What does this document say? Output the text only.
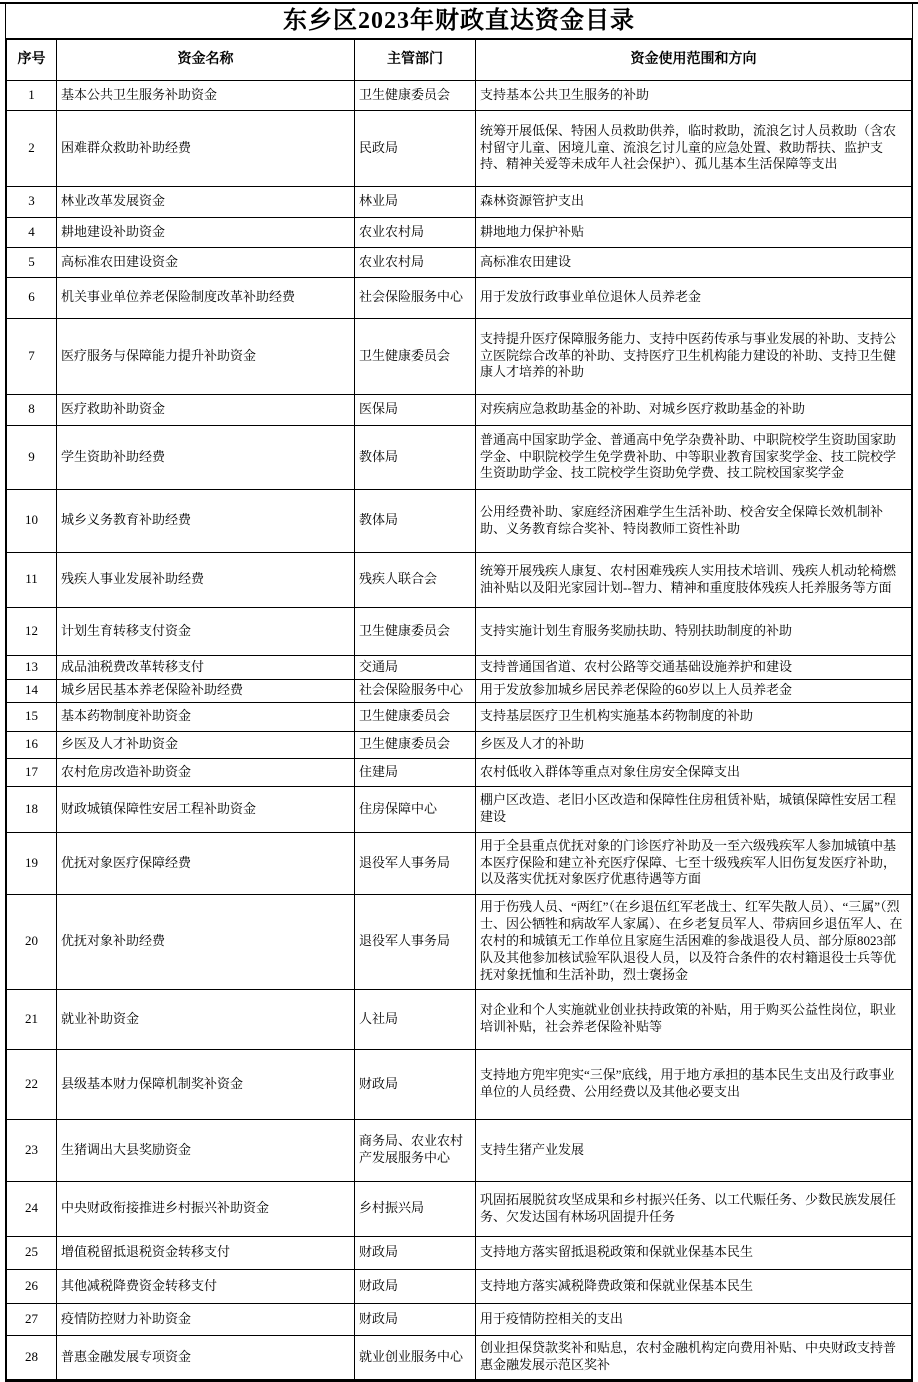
东乡区2023年财政直达资金目录
序号	资金名称	主管部门	资金使用范围和方向
1	基本公共卫生服务补助资金	卫生健康委员会	支持基本公共卫生服务的补助
2	困难群众救助补助经费	民政局	统筹开展低保、特困人员救助供养，临时救助，流浪乞讨人员救助（含农村留守儿童、困境儿童、流浪乞讨儿童的应急处置、救助帮扶、监护支持、精神关爱等未成年人社会保护）、孤儿基本生活保障等支出
3	林业改革发展资金	林业局	森林资源管护支出
4	耕地建设补助资金	农业农村局	耕地地力保护补贴
5	高标准农田建设资金	农业农村局	高标准农田建设
6	机关事业单位养老保险制度改革补助经费	社会保险服务中心	用于发放行政事业单位退休人员养老金
7	医疗服务与保障能力提升补助资金	卫生健康委员会	支持提升医疗保障服务能力、支持中医药传承与事业发展的补助、支持公立医院综合改革的补助、支持医疗卫生机构能力建设的补助、支持卫生健康人才培养的补助
8	医疗救助补助资金	医保局	对疾病应急救助基金的补助、对城乡医疗救助基金的补助
9	学生资助补助经费	教体局	普通高中国家助学金、普通高中免学杂费补助、中职院校学生资助国家助学金、中职院校学生免学费补助、中等职业教育国家奖学金、技工院校学生资助助学金、技工院校学生资助免学费、技工院校国家奖学金
10	城乡义务教育补助经费	教体局	公用经费补助、家庭经济困难学生生活补助、校舍安全保障长效机制补助、义务教育综合奖补、特岗教师工资性补助
11	残疾人事业发展补助经费	残疾人联合会	统筹开展残疾人康复、农村困难残疾人实用技术培训、残疾人机动轮椅燃油补贴以及阳光家园计划--智力、精神和重度肢体残疾人托养服务等方面
12	计划生育转移支付资金	卫生健康委员会	支持实施计划生育服务奖励扶助、特别扶助制度的补助
13	成品油税费改革转移支付	交通局	支持普通国省道、农村公路等交通基础设施养护和建设
14	城乡居民基本养老保险补助经费	社会保险服务中心	用于发放参加城乡居民养老保险的60岁以上人员养老金
15	基本药物制度补助资金	卫生健康委员会	支持基层医疗卫生机构实施基本药物制度的补助
16	乡医及人才补助资金	卫生健康委员会	乡医及人才的补助
17	农村危房改造补助资金	住建局	农村低收入群体等重点对象住房安全保障支出
18	财政城镇保障性安居工程补助资金	住房保障中心	棚户区改造、老旧小区改造和保障性住房租赁补贴，城镇保障性安居工程建设
19	优抚对象医疗保障经费	退役军人事务局	用于全县重点优抚对象的门诊医疗补助及一至六级残疾军人参加城镇中基本医疗保险和建立补充医疗保障、七至十级残疾军人旧伤复发医疗补助，以及落实优抚对象医疗优惠待遇等方面
20	优抚对象补助经费	退役军人事务局	用于伤残人员、“两红”（在乡退伍红军老战士、红军失散人员）、“三属”（烈士、因公牺牲和病故军人家属）、在乡老复员军人、带病回乡退伍军人、在农村的和城镇无工作单位且家庭生活困难的参战退役人员、部分原8023部队及其他参加核试验军队退役人员，以及符合条件的农村籍退役士兵等优抚对象抚恤和生活补助，烈士褒扬金
21	就业补助资金	人社局	对企业和个人实施就业创业扶持政策的补贴，用于购买公益性岗位，职业培训补贴，社会养老保险补贴等
22	县级基本财力保障机制奖补资金	财政局	支持地方兜牢兜实“三保”底线，用于地方承担的基本民生支出及行政事业单位的人员经费、公用经费以及其他必要支出
23	生猪调出大县奖励资金	商务局、农业农村产发展服务中心	支持生猪产业发展
24	中央财政衔接推进乡村振兴补助资金	乡村振兴局	巩固拓展脱贫攻坚成果和乡村振兴任务、以工代赈任务、少数民族发展任务、欠发达国有林场巩固提升任务
25	增值税留抵退税资金转移支付	财政局	支持地方落实留抵退税政策和保就业保基本民生
26	其他减税降费资金转移支付	财政局	支持地方落实减税降费政策和保就业保基本民生
27	疫情防控财力补助资金	财政局	用于疫情防控相关的支出
28	普惠金融发展专项资金	就业创业服务中心	创业担保贷款奖补和贴息，农村金融机构定向费用补贴、中央财政支持普惠金融发展示范区奖补
